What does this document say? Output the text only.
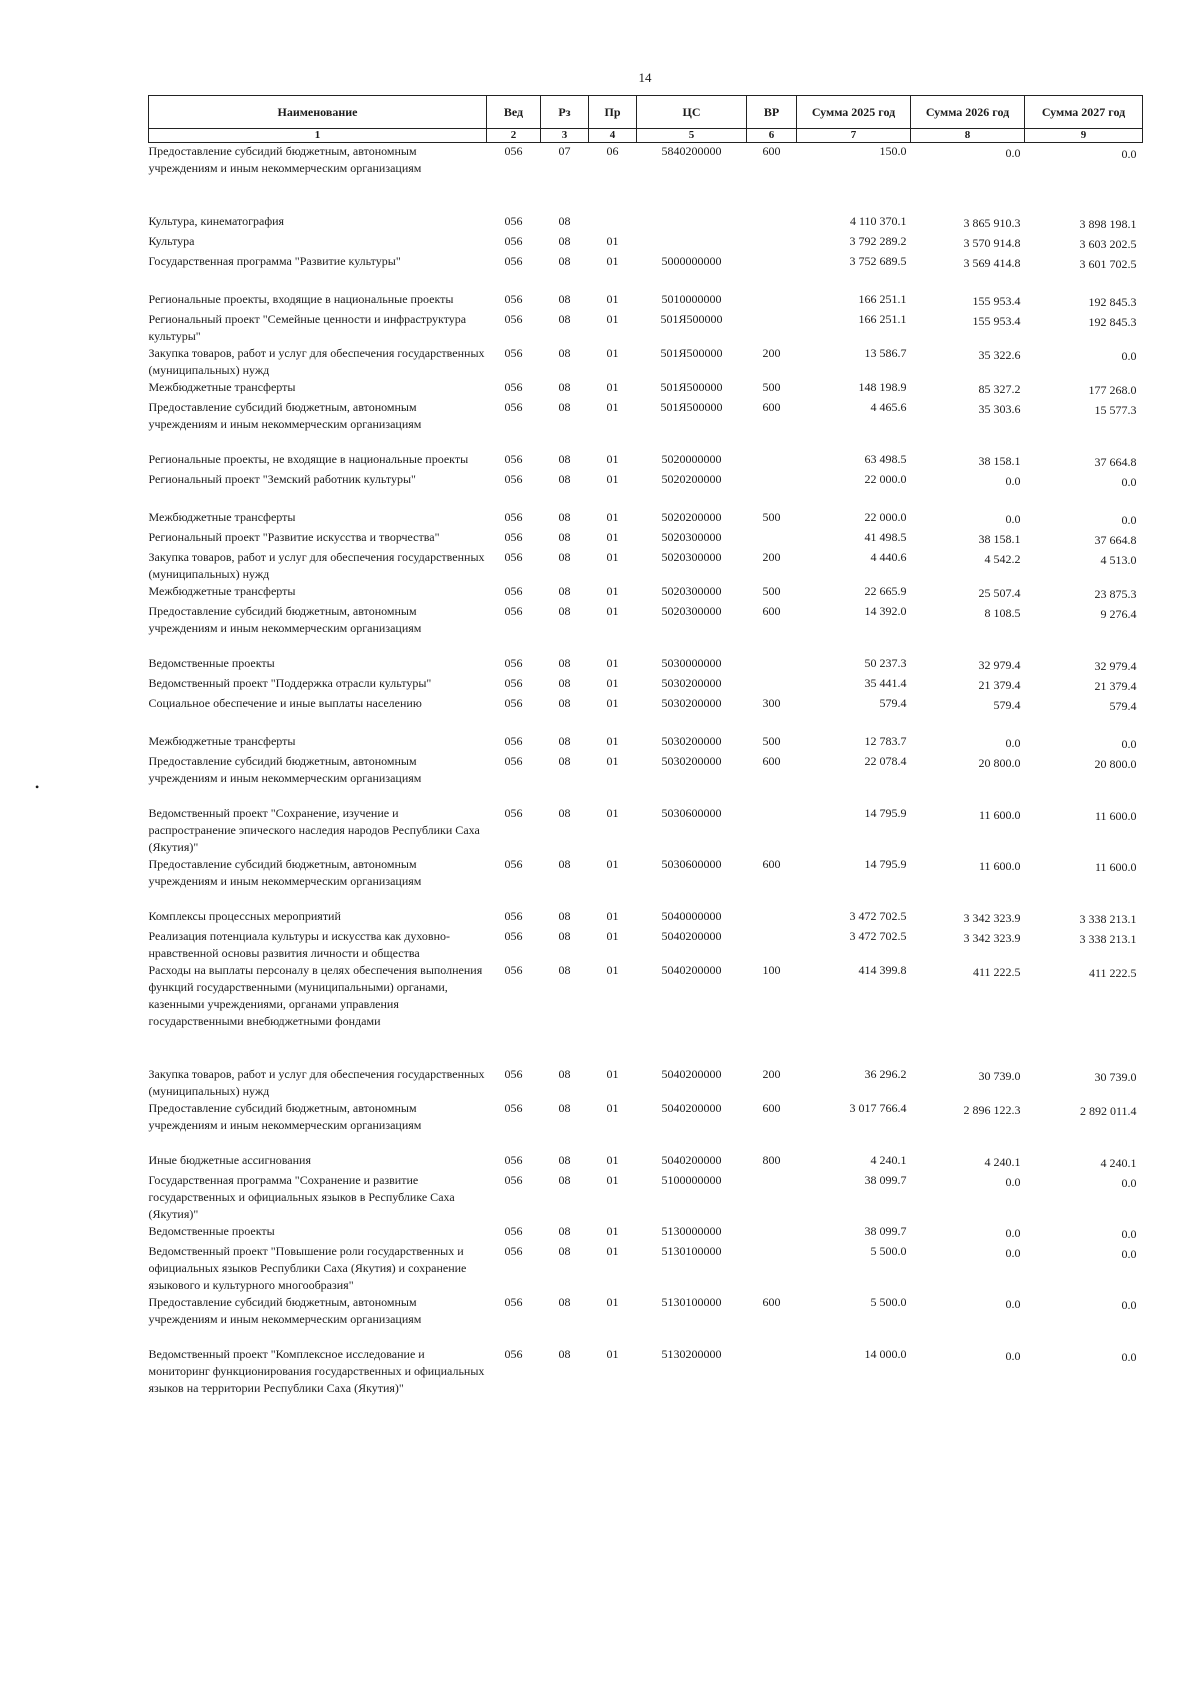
14
•
Наименование	Вед	Рз	Пр	ЦС	ВР	Сумма 2025 год	Сумма 2026 год	Сумма 2027 год
1	2	3	4	5	6	7	8	9
Предоставление субсидий бюджетным, автономным учреждениям и иным некоммерческим организациям	056	07	06	5840200000	600	150.0	0.0	0.0

Культура, кинематография	056	08				4 110 370.1	3 865 910.3	3 898 198.1
Культура	056	08	01			3 792 289.2	3 570 914.8	3 603 202.5
Государственная программа "Развитие культуры"	056	08	01	5000000000		3 752 689.5	3 569 414.8	3 601 702.5

Региональные проекты, входящие в национальные проекты	056	08	01	5010000000		166 251.1	155 953.4	192 845.3
Региональный проект "Семейные ценности и инфраструктура культуры"	056	08	01	501Я500000		166 251.1	155 953.4	192 845.3
Закупка товаров, работ и услуг для обеспечения государственных (муниципальных) нужд	056	08	01	501Я500000	200	13 586.7	35 322.6	0.0
Межбюджетные трансферты	056	08	01	501Я500000	500	148 198.9	85 327.2	177 268.0
Предоставление субсидий бюджетным, автономным учреждениям и иным некоммерческим организациям	056	08	01	501Я500000	600	4 465.6	35 303.6	15 577.3

Региональные проекты, не входящие в национальные проекты	056	08	01	5020000000		63 498.5	38 158.1	37 664.8
Региональный проект "Земский работник культуры"	056	08	01	5020200000		22 000.0	0.0	0.0

Межбюджетные трансферты	056	08	01	5020200000	500	22 000.0	0.0	0.0
Региональный проект "Развитие искусства и творчества"	056	08	01	5020300000		41 498.5	38 158.1	37 664.8
Закупка товаров, работ и услуг для обеспечения государственных (муниципальных) нужд	056	08	01	5020300000	200	4 440.6	4 542.2	4 513.0
Межбюджетные трансферты	056	08	01	5020300000	500	22 665.9	25 507.4	23 875.3
Предоставление субсидий бюджетным, автономным учреждениям и иным некоммерческим организациям	056	08	01	5020300000	600	14 392.0	8 108.5	9 276.4

Ведомственные проекты	056	08	01	5030000000		50 237.3	32 979.4	32 979.4
Ведомственный проект "Поддержка отрасли культуры"	056	08	01	5030200000		35 441.4	21 379.4	21 379.4
Социальное обеспечение и иные выплаты населению	056	08	01	5030200000	300	579.4	579.4	579.4

Межбюджетные трансферты	056	08	01	5030200000	500	12 783.7	0.0	0.0
Предоставление субсидий бюджетным, автономным учреждениям и иным некоммерческим организациям	056	08	01	5030200000	600	22 078.4	20 800.0	20 800.0

Ведомственный проект "Сохранение, изучение и распространение эпического наследия народов Республики Саха (Якутия)"	056	08	01	5030600000		14 795.9	11 600.0	11 600.0
Предоставление субсидий бюджетным, автономным учреждениям и иным некоммерческим организациям	056	08	01	5030600000	600	14 795.9	11 600.0	11 600.0

Комплексы процессных мероприятий	056	08	01	5040000000		3 472 702.5	3 342 323.9	3 338 213.1
Реализация потенциала культуры и искусства как духовно-нравственной основы развития личности и общества	056	08	01	5040200000		3 472 702.5	3 342 323.9	3 338 213.1
Расходы на выплаты персоналу в целях обеспечения выполнения функций государственными (муниципальными) органами, казенными учреждениями, органами управления государственными внебюджетными фондами	056	08	01	5040200000	100	414 399.8	411 222.5	411 222.5

Закупка товаров, работ и услуг для обеспечения государственных (муниципальных) нужд	056	08	01	5040200000	200	36 296.2	30 739.0	30 739.0
Предоставление субсидий бюджетным, автономным учреждениям и иным некоммерческим организациям	056	08	01	5040200000	600	3 017 766.4	2 896 122.3	2 892 011.4

Иные бюджетные ассигнования	056	08	01	5040200000	800	4 240.1	4 240.1	4 240.1
Государственная программа "Сохранение и развитие государственных и официальных языков в Республике Саха (Якутия)"	056	08	01	5100000000		38 099.7	0.0	0.0
Ведомственные проекты	056	08	01	5130000000		38 099.7	0.0	0.0
Ведомственный проект "Повышение роли государственных и официальных языков Республики Саха (Якутия) и сохранение языкового и культурного многообразия"	056	08	01	5130100000		5 500.0	0.0	0.0
Предоставление субсидий бюджетным, автономным учреждениям и иным некоммерческим организациям	056	08	01	5130100000	600	5 500.0	0.0	0.0

Ведомственный проект "Комплексное исследование и мониторинг функционирования государственных и официальных языков на территории Республики Саха (Якутия)"	056	08	01	5130200000		14 000.0	0.0	0.0
